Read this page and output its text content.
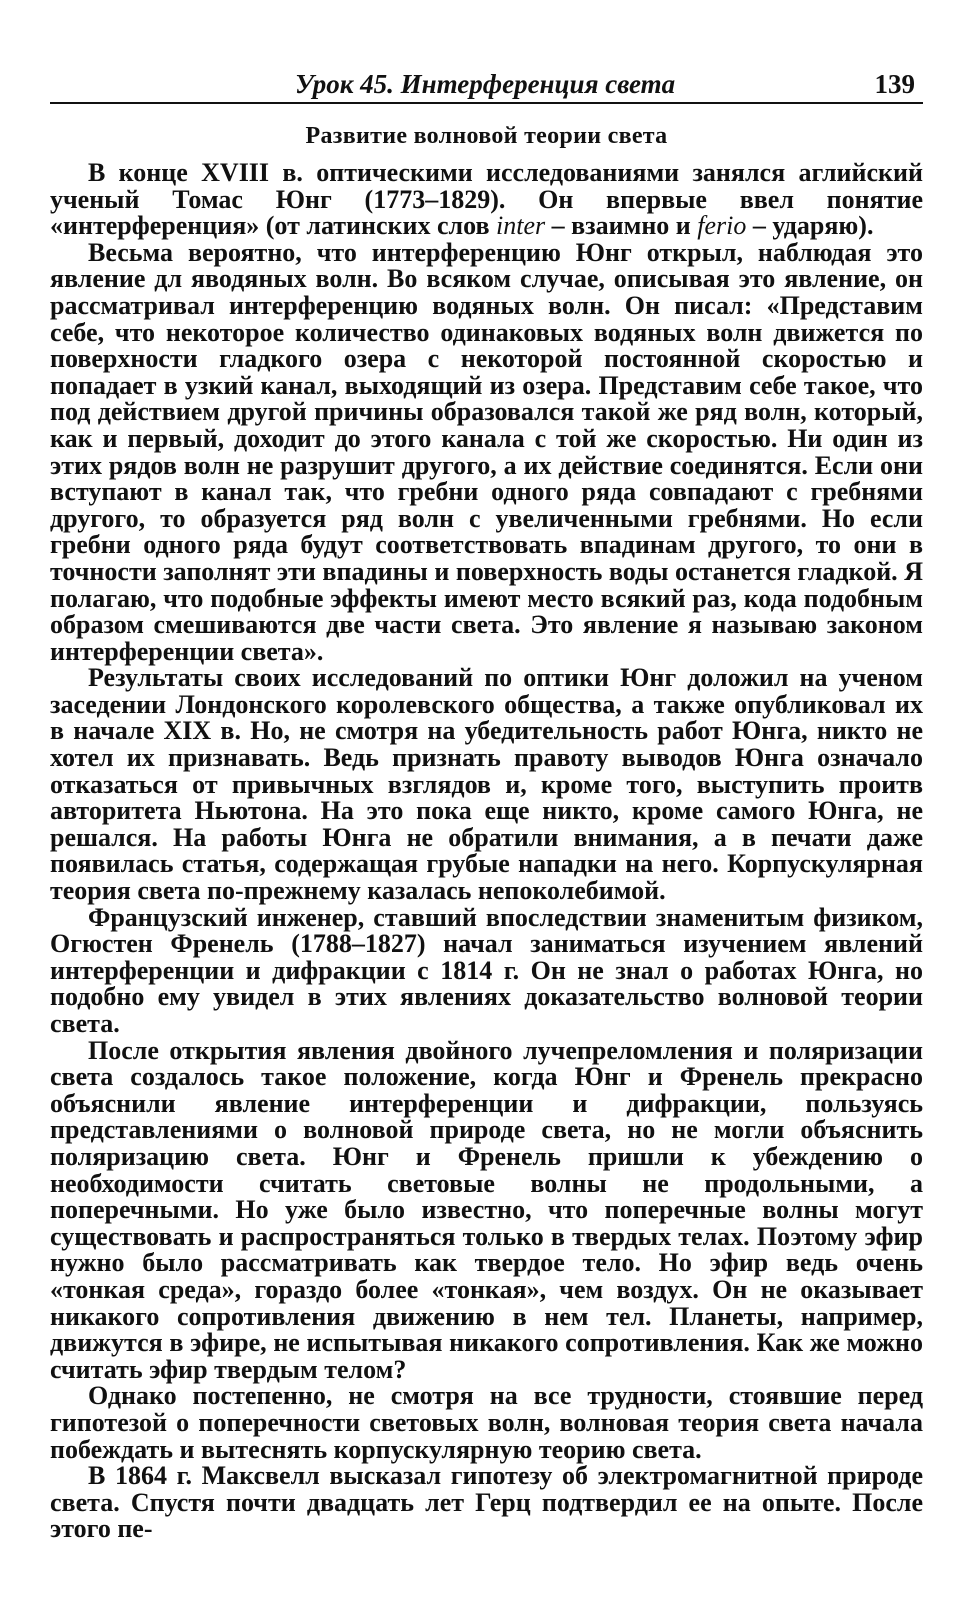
Урок 45. Интерференция света	139
Развитие волновой теории света

В конце XVIII в. оптическими исследованиями занялся аглийский ученый Томас Юнг (1773–1829). Он впервые ввел понятие «интерференция» (от латинских слов inter – взаимно и ferio – ударяю).

Весьма вероятно, что интерференцию Юнг открыл, наблюдая это явление дл яводяных волн. Во всяком случае, описывая это явление, он рассматривал интерференцию водяных волн. Он писал: «Представим себе, что некоторое количество одинаковых водяных волн движется по поверхности гладкого озера с некоторой постоянной скоростью и попадает в узкий канал, выходящий из озера. Представим себе такое, что под действием другой причины образовался такой же ряд волн, который, как и первый, доходит до этого канала с той же скоростью. Ни один из этих рядов волн не разрушит другого, а их действие соединятся. Если они вступают в канал так, что гребни одного ряда совпадают с гребнями другого, то образуется ряд волн с увеличенными гребнями. Но если гребни одного ряда будут соответствовать впадинам другого, то они в точности заполнят эти впадины и поверхность воды останется гладкой. Я полагаю, что подобные эффекты имеют место всякий раз, кода подобным образом смешиваются две части света. Это явление я называю законом интерференции света».

Результаты своих исследований по оптики Юнг доложил на ученом заседении Лондонского королевского общества, а также опубликовал их в начале XIX в. Но, не смотря на убедительность работ Юнга, никто не хотел их признавать. Ведь признать правоту выводов Юнга означало отказаться от привычных взглядов и, кроме того, выступить проитв авторитета Ньютона. На это пока еще никто, кроме самого Юнга, не решался. На работы Юнга не обратили внимания, а в печати даже появилась статья, содержащая грубые нападки на него. Корпускулярная теория света по-прежнему казалась непоколебимой.

Французский инженер, ставший впоследствии знаменитым физиком, Огюстен Френель (1788–1827) начал заниматься изучением явлений интерференции и дифракции с 1814 г. Он не знал о работах Юнга, но подобно ему увидел в этих явлениях доказательство волновой теории света.

После открытия явления двойного лучепреломления и поляризации света создалось такое положение, когда Юнг и Френель прекрасно объяснили явление интерференции и дифракции, пользуясь представлениями о волновой природе света, но не могли объяснить поляризацию света. Юнг и Френель пришли к убеждению о необходимости считать световые волны не продольными, а поперечными. Но уже было известно, что поперечные волны могут существовать и распространяться только в твердых телах. Поэтому эфир нужно было рассматривать как твердое тело. Но эфир ведь очень «тонкая среда», гораздо более «тонкая», чем воздух. Он не оказывает никакого сопротивления движению в нем тел. Планеты, например, движутся в эфире, не испытывая никакого сопротивления. Как же можно считать эфир твердым телом?

Однако постепенно, не смотря на все трудности, стоявшие перед гипотезой о поперечности световых волн, волновая теория света начала побеждать и вытеснять корпускулярную теорию света.

В 1864 г. Максвелл высказал гипотезу об электромагнитной природе света. Спустя почти двадцать лет Герц подтвердил ее на опыте. После этого пе-
